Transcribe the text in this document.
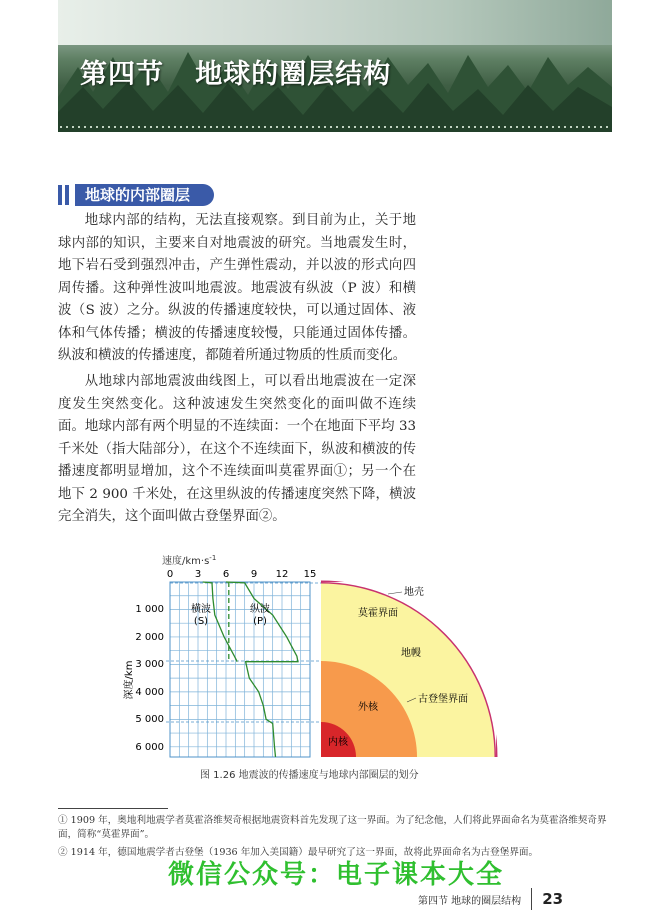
第四节   地球的圈层结构
地球的内部圈层

地球内部的结构，无法直接观察。到目前为止，关于地球内部的知识，主要来自对地震波的研究。当地震发生时，地下岩石受到强烈冲击，产生弹性震动，并以波的形式向四周传播。这种弹性波叫地震波。地震波有纵波（P 波）和横波（S 波）之分。纵波的传播速度较快，可以通过固体、液体和气体传播；横波的传播速度较慢，只能通过固体传播。纵波和横波的传播速度，都随着所通过物质的性质而变化。

从地球内部地震波曲线图上，可以看出地震波在一定深度发生突然变化。这种波速发生突然变化的面叫做不连续面。地球内部有两个明显的不连续面：一个在地面下平均 33 千米处（指大陆部分），在这个不连续面下，纵波和横波的传播速度都明显增加，这个不连续面叫莫霍界面①；另一个在地下 2 900 千米处，在这里纵波的传播速度突然下降，横波完全消失，这个面叫做古登堡界面②。

速度$/km\cdot s^{-1}$
0 3 6 9 12 15
深度/km
1 000
2 000
3 000
4 000
5 000
6 000
横波
(S)
纵波
(P)
地壳
莫霍界面
地幔
古登堡界面
外核
内核

图 1.26 地震波的传播速度与地球内部圈层的划分

① 1909 年，奥地利地震学者莫霍洛维契奇根据地震资料首先发现了这一界面。为了纪念他，人们将此界面命名为莫霍洛维契奇界面，简称“莫霍界面”。

② 1914 年，德国地震学者古登堡（1936 年加入美国籍）最早研究了这一界面，故将此界面命名为古登堡界面。

微信公众号：电子课本大全

第四节 地球的圈层结构 23
